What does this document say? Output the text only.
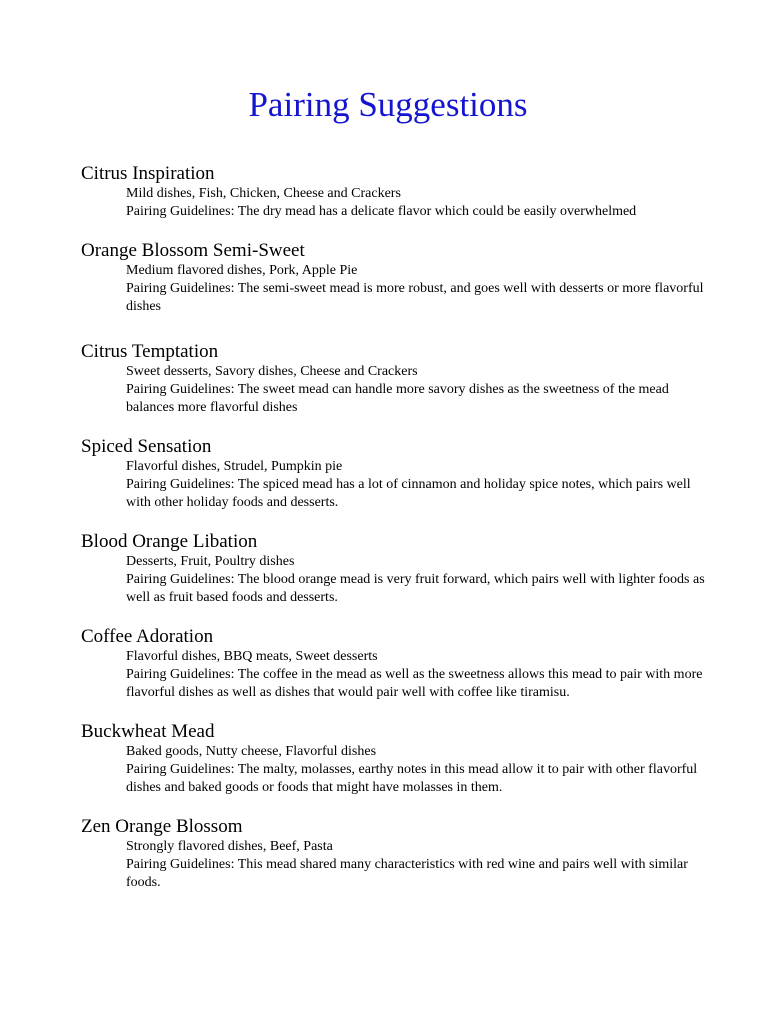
Pairing Suggestions
Citrus Inspiration
Mild dishes, Fish, Chicken, Cheese and Crackers
Pairing Guidelines: The dry mead has a delicate flavor which could be easily overwhelmed
Orange Blossom Semi-Sweet
Medium flavored dishes, Pork, Apple Pie
Pairing Guidelines: The semi-sweet mead is more robust, and goes well with desserts or more flavorful dishes
Citrus Temptation
Sweet desserts, Savory dishes, Cheese and Crackers
Pairing Guidelines: The sweet mead can handle more savory dishes as the sweetness of the mead balances more flavorful dishes
Spiced Sensation
Flavorful dishes, Strudel, Pumpkin pie
Pairing Guidelines: The spiced mead has a lot of cinnamon and holiday spice notes, which pairs well with other holiday foods and desserts.
Blood Orange Libation
Desserts, Fruit, Poultry dishes
Pairing Guidelines: The blood orange mead is very fruit forward, which pairs well with lighter foods as well as fruit based foods and desserts.
Coffee Adoration
Flavorful dishes, BBQ meats, Sweet desserts
Pairing Guidelines: The coffee in the mead as well as the sweetness allows this mead to pair with more flavorful dishes as well as dishes that would pair well with coffee like tiramisu.
Buckwheat Mead
Baked goods, Nutty cheese, Flavorful dishes
Pairing Guidelines: The malty, molasses, earthy notes in this mead allow it to pair with other flavorful dishes and baked goods or foods that might have molasses in them.
Zen Orange Blossom
Strongly flavored dishes, Beef, Pasta
Pairing Guidelines: This mead shared many characteristics with red wine and pairs well with similar foods.
